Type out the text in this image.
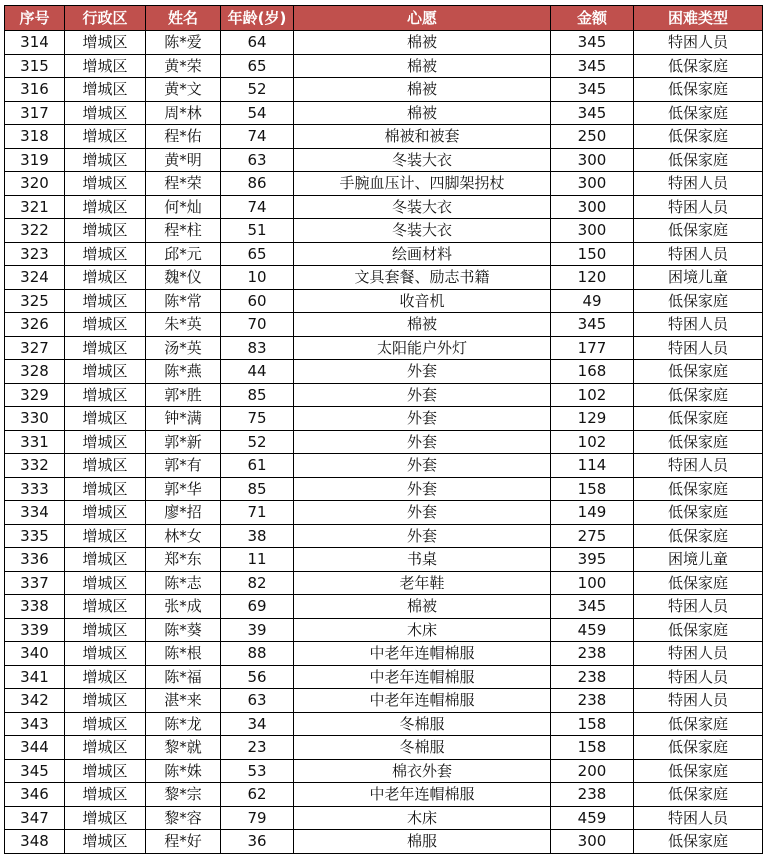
序号	行政区	姓名	年龄(岁)	心愿	金额	困难类型
314	增城区	陈*爱	64	棉被	345	特困人员
315	增城区	黄*荣	65	棉被	345	低保家庭
316	增城区	黄*文	52	棉被	345	低保家庭
317	增城区	周*林	54	棉被	345	低保家庭
318	增城区	程*佑	74	棉被和被套	250	低保家庭
319	增城区	黄*明	63	冬装大衣	300	低保家庭
320	增城区	程*荣	86	手腕血压计、四脚架拐杖	300	特困人员
321	增城区	何*灿	74	冬装大衣	300	特困人员
322	增城区	程*柱	51	冬装大衣	300	低保家庭
323	增城区	邱*元	65	绘画材料	150	特困人员
324	增城区	魏*仪	10	文具套餐、励志书籍	120	困境儿童
325	增城区	陈*常	60	收音机	49	低保家庭
326	增城区	朱*英	70	棉被	345	特困人员
327	增城区	汤*英	83	太阳能户外灯	177	特困人员
328	增城区	陈*燕	44	外套	168	低保家庭
329	增城区	郭*胜	85	外套	102	低保家庭
330	增城区	钟*满	75	外套	129	低保家庭
331	增城区	郭*新	52	外套	102	低保家庭
332	增城区	郭*有	61	外套	114	特困人员
333	增城区	郭*华	85	外套	158	低保家庭
334	增城区	廖*招	71	外套	149	低保家庭
335	增城区	林*女	38	外套	275	低保家庭
336	增城区	郑*东	11	书桌	395	困境儿童
337	增城区	陈*志	82	老年鞋	100	低保家庭
338	增城区	张*成	69	棉被	345	特困人员
339	增城区	陈*葵	39	木床	459	低保家庭
340	增城区	陈*根	88	中老年连帽棉服	238	特困人员
341	增城区	陈*福	56	中老年连帽棉服	238	特困人员
342	增城区	湛*来	63	中老年连帽棉服	238	特困人员
343	增城区	陈*龙	34	冬棉服	158	低保家庭
344	增城区	黎*就	23	冬棉服	158	低保家庭
345	增城区	陈*姝	53	棉衣外套	200	低保家庭
346	增城区	黎*宗	62	中老年连帽棉服	238	低保家庭
347	增城区	黎*容	79	木床	459	特困人员
348	增城区	程*好	36	棉服	300	低保家庭
